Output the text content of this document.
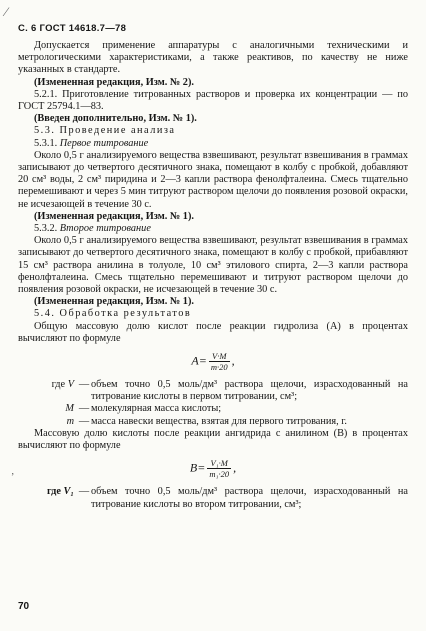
⁄
’
С. 6 ГОСТ 14618.7—78

Допускается применение аппаратуры с аналогичными техническими и метрологическими характеристиками, а также реактивов, по качеству не ниже указанных в стандарте.

(Измененная редакция, Изм. № 2).

5.2.1. Приготовление титрованных растворов и проверка их концентрации — по ГОСТ 25794.1—83.

(Введен дополнительно, Изм. № 1).

5.3. Проведение анализа

5.3.1. Первое титрование

Около 0,5 г анализируемого вещества взвешивают, результат взвешивания в граммах записывают до четвертого десятичного знака, помещают в колбу с пробкой, добавляют 20 см³ воды, 2 см³ пиридина и 2—3 капли раствора фенолфталеина. Смесь тщательно перемешивают и через 5 мин титруют раствором щелочи до появления розовой окраски, не исчезающей в течение 30 с.

(Измененная редакция, Изм. № 1).

5.3.2. Второе титрование

Около 0,5 г анализируемого вещества взвешивают, результат взвешивания в граммах записывают до четвертого десятичного знака, помещают в колбу с пробкой, прибавляют 15 см³ раствора анилина в толуоле, 10 см³ этилового спирта, 2—3 капли раствора фенолфталеина. Смесь тщательно перемешивают и титруют раствором щелочи до появления розовой окраски, не исчезающей в течение 30 с.

(Измененная редакция, Изм. № 1).

5.4. Обработка результатов

Общую массовую долю кислот после реакции гидролиза (A) в процентах вычисляют по формуле

$A= \frac{V\cdot M}{m\cdot 20}$ ,
где V — объем точно 0,5 моль/дм³ раствора щелочи, израсходованный на титрование кислоты в первом титровании, см³;
M — молекулярная масса кислоты;
m — масса навески вещества, взятая для первого титрования, г.

Массовую долю кислоты после реакции ангидрида с анилином (B) в процентах вычисляют по формуле

$B= \frac{\text{V₁·M}}{\text{m₁·20}}$ ,
где V₁ — объем точно 0,5 моль/дм³ раствора щелочи, израсходованный на титрование кислоты во втором титровании, см³;
70
